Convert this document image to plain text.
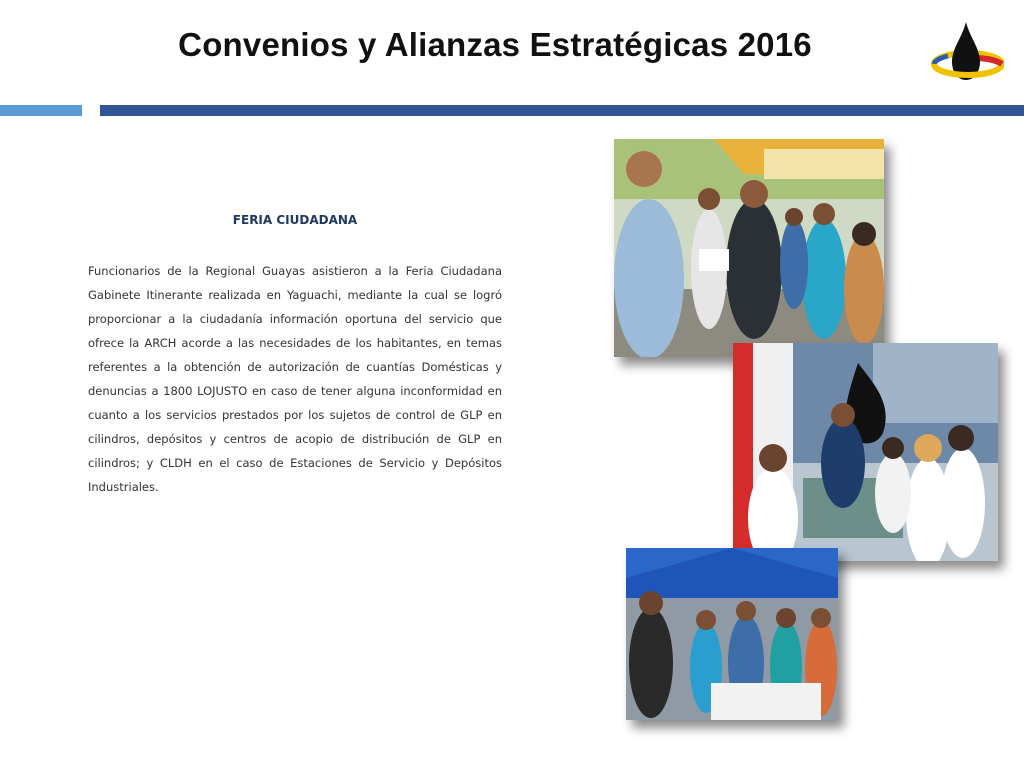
Convenios y Alianzas Estratégicas 2016
FERIA CIUDADANA
Funcionarios de la Regional Guayas asistieron a la Feria Ciudadana Gabinete Itinerante realizada en Yaguachi, mediante la cual se logró proporcionar a la ciudadanía información oportuna del servicio que ofrece la ARCH acorde a las necesidades de los habitantes, en temas referentes a la obtención de autorización de cuantías Domésticas y denuncias a 1800 LOJUSTO en caso de tener alguna inconformidad en cuanto a los servicios prestados por los sujetos de control de GLP en cilindros, depósitos y centros de acopio de distribución de GLP en cilindros; y CLDH en el caso de Estaciones de Servicio y Depósitos Industriales.
